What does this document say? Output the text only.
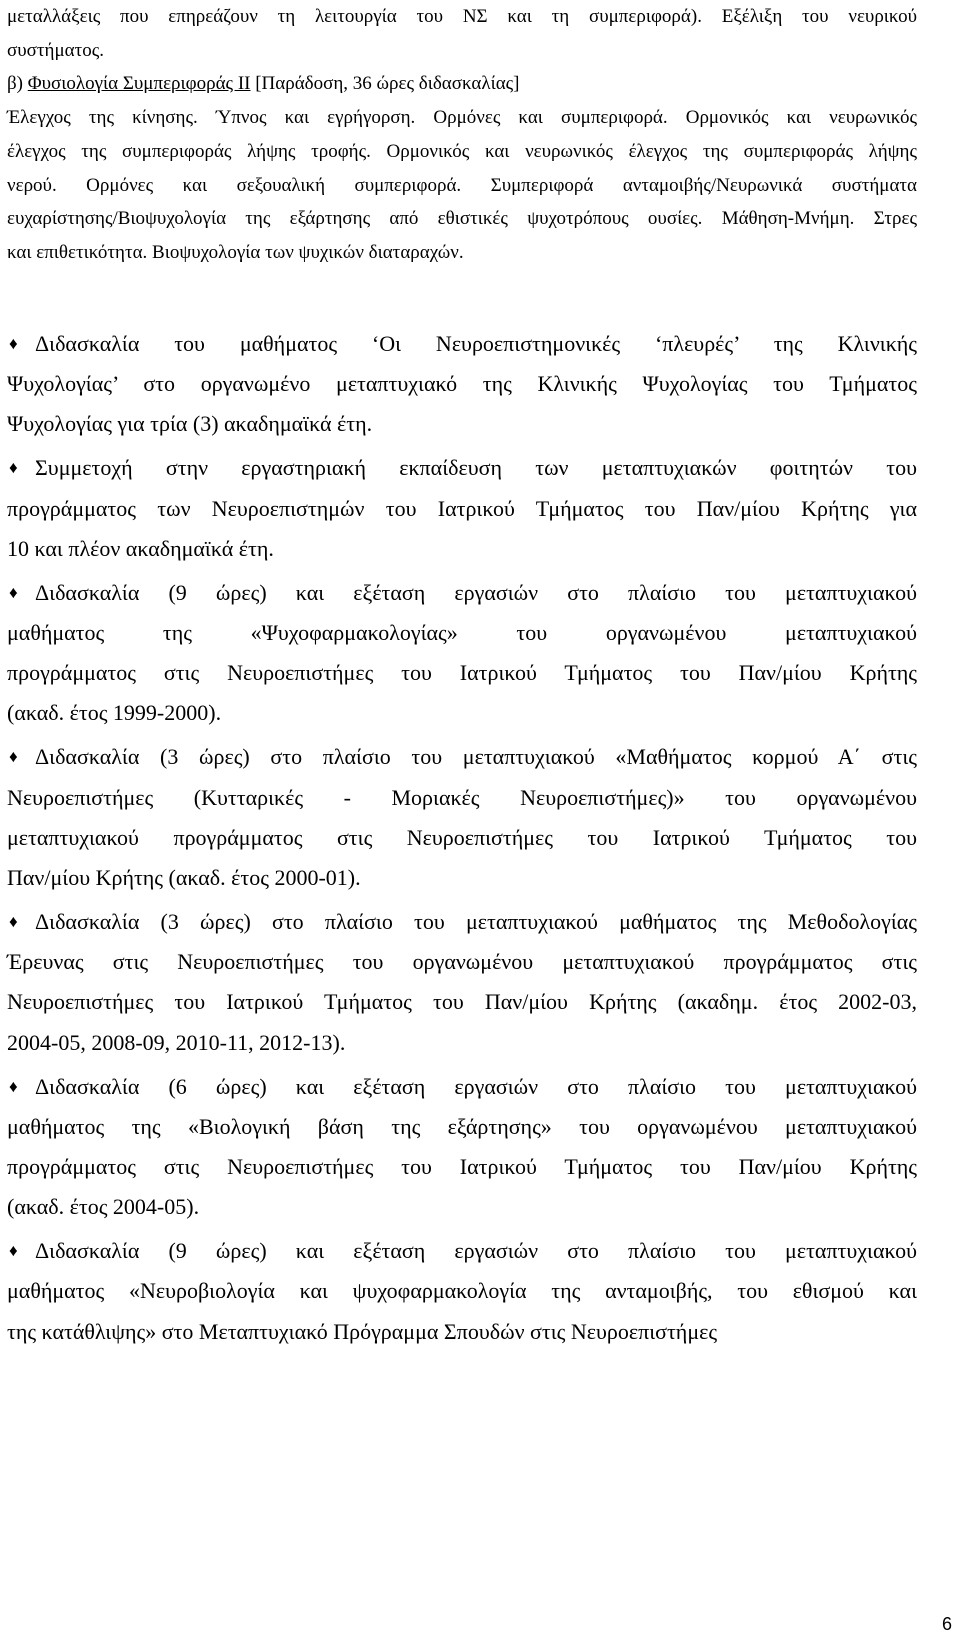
μεταλλάξεις που επηρεάζουν τη λειτουργία του ΝΣ και τη συμπεριφορά). Εξέλιξη του νευρικού
συστήματος.
β) Φυσιολογία Συμπεριφοράς ΙΙ [Παράδοση, 36 ώρες διδασκαλίας]
Έλεγχος της κίνησης. Ύπνος και εγρήγορση. Ορμόνες και συμπεριφορά. Ορμονικός και νευρωνικός
έλεγχος της συμπεριφοράς λήψης τροφής. Ορμονικός και νευρωνικός έλεγχος της συμπεριφοράς λήψης
νερού. Ορμόνες και σεξουαλική συμπεριφορά. Συμπεριφορά ανταμοιβής/Νευρωνικά συστήματα
ευχαρίστησης/Βιοψυχολογία της εξάρτησης από εθιστικές ψυχοτρόπους ουσίες. Μάθηση-Μνήμη. Στρες
και επιθετικότητα. Βιοψυχολογία των ψυχικών διαταραχών.
♦ Διδασκαλία του μαθήματος ‘Οι Νευροεπιστημονικές ‘πλευρές’ της Κλινικής
Ψυχολογίας’ στο οργανωμένο μεταπτυχιακό της Κλινικής Ψυχολογίας του Τμήματος
Ψυχολογίας για τρία (3) ακαδημαϊκά έτη.
♦ Συμμετοχή στην εργαστηριακή εκπαίδευση των μεταπτυχιακών φοιτητών του
προγράμματος των Νευροεπιστημών του Ιατρικού Τμήματος του Παν/μίου Κρήτης για
10 και πλέον ακαδημαϊκά έτη.
♦ Διδασκαλία (9 ώρες) και εξέταση εργασιών στο πλαίσιο του μεταπτυχιακού
μαθήματος της «Ψυχοφαρμακολογίας» του οργανωμένου μεταπτυχιακού
προγράμματος στις Νευροεπιστήμες του Ιατρικού Τμήματος του Παν/μίου Κρήτης
(ακαδ. έτος 1999-2000).
♦ Διδασκαλία (3 ώρες) στο πλαίσιο του μεταπτυχιακού «Μαθήματος κορμού Α΄ στις
Νευροεπιστήμες (Κυτταρικές - Μοριακές Νευροεπιστήμες)» του οργανωμένου
μεταπτυχιακού προγράμματος στις Νευροεπιστήμες του Ιατρικού Τμήματος του
Παν/μίου Κρήτης (ακαδ. έτος 2000-01).
♦ Διδασκαλία (3 ώρες) στο πλαίσιο του μεταπτυχιακού μαθήματος της Μεθοδολογίας
Έρευνας στις Νευροεπιστήμες του οργανωμένου μεταπτυχιακού προγράμματος στις
Νευροεπιστήμες του Ιατρικού Τμήματος του Παν/μίου Κρήτης (ακαδημ. έτος 2002-03,
2004-05, 2008-09, 2010-11, 2012-13).
♦ Διδασκαλία (6 ώρες) και εξέταση εργασιών στο πλαίσιο του μεταπτυχιακού
μαθήματος της «Βιολογική βάση της εξάρτησης» του οργανωμένου μεταπτυχιακού
προγράμματος στις Νευροεπιστήμες του Ιατρικού Τμήματος του Παν/μίου Κρήτης
(ακαδ. έτος 2004-05).
♦ Διδασκαλία (9 ώρες) και εξέταση εργασιών στο πλαίσιο του μεταπτυχιακού
μαθήματος «Νευροβιολογία και ψυχοφαρμακολογία της ανταμοιβής, του εθισμού και
της κατάθλιψης» στο Μεταπτυχιακό Πρόγραμμα Σπουδών στις Νευροεπιστήμες
6
